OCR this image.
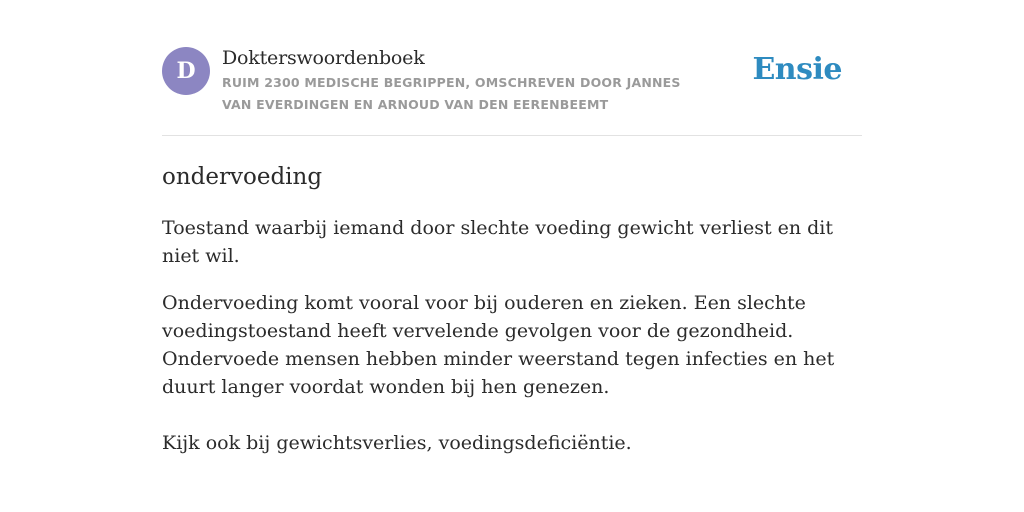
D	Dokterswoordenboek
RUIM 2300 MEDISCHE BEGRIPPEN, OMSCHREVEN DOOR JANNES VAN EVERDINGEN EN ARNOUD VAN DEN EERENBEEMT
Ensie
ondervoeding

Toestand waarbij iemand door slechte voeding gewicht verliest en dit niet wil.

Ondervoeding komt vooral voor bij ouderen en zieken. Een slechte voedingstoestand heeft vervelende gevolgen voor de gezondheid. Ondervoede mensen hebben minder weerstand tegen infecties en het duurt langer voordat wonden bij hen genezen.

Kijk ook bij gewichtsverlies, voedingsdeficiëntie.
